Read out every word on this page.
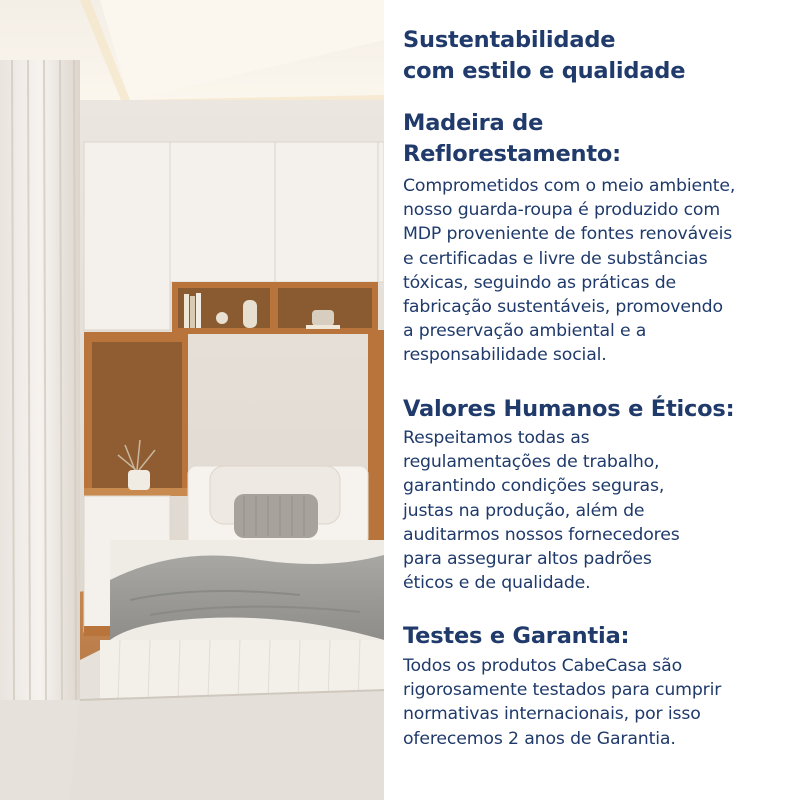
Sustentabilidade
com estilo e qualidade
Madeira de
Reflorestamento:

Comprometidos com o meio ambiente,
nosso guarda-roupa é produzido com
MDP proveniente de fontes renováveis
e certificadas e livre de substâncias
tóxicas, seguindo as práticas de
fabricação sustentáveis, promovendo
a preservação ambiental e a
responsabilidade social.

Valores Humanos e Éticos:

Respeitamos todas as
regulamentações de trabalho,
garantindo condições seguras,
justas na produção, além de
auditarmos nossos fornecedores
para assegurar altos padrões
éticos e de qualidade.

Testes e Garantia:

Todos os produtos CabeCasa são
rigorosamente testados para cumprir
normativas internacionais, por isso
oferecemos 2 anos de Garantia.
